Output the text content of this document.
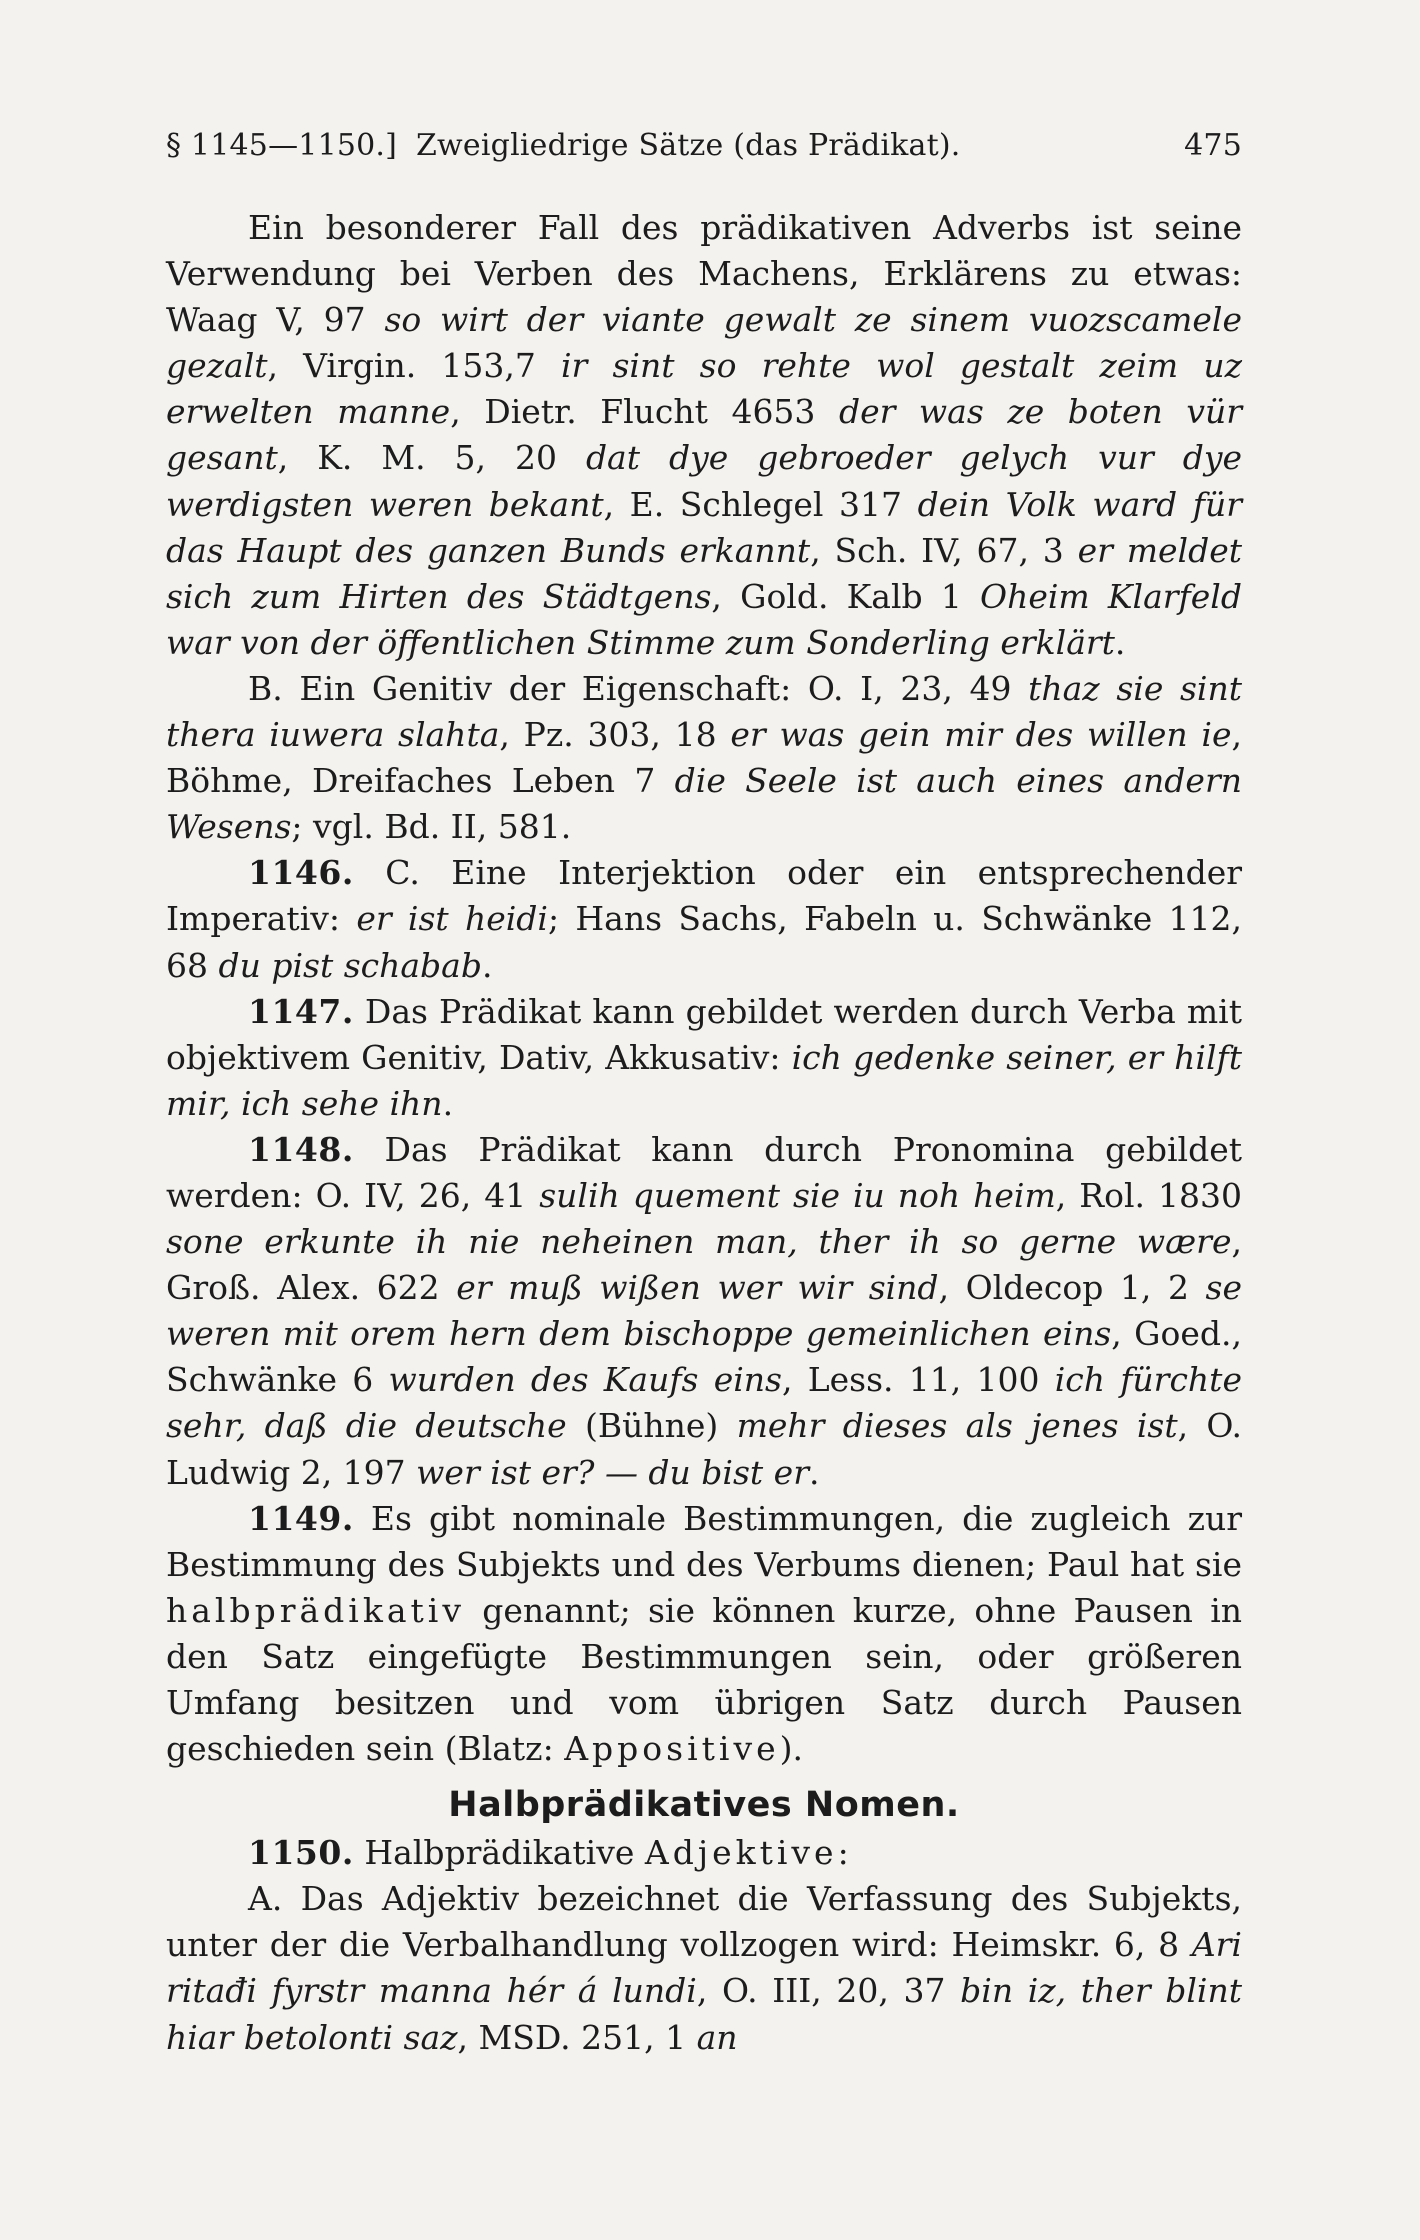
§ 1145—1150.] Zweigliedrige Sätze (das Prädikat).	475

Ein besonderer Fall des prädikativen Adverbs ist seine Verwendung bei Verben des Machens, Erklärens zu etwas: Waag V, 97 so wirt der viante gewalt ze sinem vuozscamele gezalt, Virgin. 153,7 ir sint so rehte wol gestalt zeim uz erwelten manne, Dietr. Flucht 4653 der was ze boten vür gesant, K. M. 5, 20 dat dye gebroeder gelych vur dye werdigsten weren bekant, E. Schlegel 317 dein Volk ward für das Haupt des ganzen Bunds erkannt, Sch. IV, 67, 3 er meldet sich zum Hirten des Städtgens, Gold. Kalb 1 Oheim Klarfeld war von der öffentlichen Stimme zum Sonderling erklärt.

B. Ein Genitiv der Eigenschaft: O. I, 23, 49 thaz sie sint thera iuwera slahta, Pz. 303, 18 er was gein mir des willen ie, Böhme, Dreifaches Leben 7 die Seele ist auch eines andern Wesens; vgl. Bd. II, 581.

1146. C. Eine Interjektion oder ein entsprechender Imperativ: er ist heidi; Hans Sachs, Fabeln u. Schwänke 112, 68 du pist schabab.

1147. Das Prädikat kann gebildet werden durch Verba mit objektivem Genitiv, Dativ, Akkusativ: ich gedenke seiner, er hilft mir, ich sehe ihn.

1148. Das Prädikat kann durch Pronomina gebildet werden: O. IV, 26, 41 sulih quement sie iu noh heim, Rol. 1830 sone erkunte ih nie neheinen man, ther ih so gerne wære, Groß. Alex. 622 er muß wißen wer wir sind, Oldecop 1, 2 se weren mit orem hern dem bischoppe gemeinlichen eins, Goed., Schwänke 6 wurden des Kaufs eins, Less. 11, 100 ich fürchte sehr, daß die deutsche (Bühne) mehr dieses als jenes ist, O. Ludwig 2, 197 wer ist er? — du bist er.

1149. Es gibt nominale Bestimmungen, die zugleich zur Bestimmung des Subjekts und des Verbums dienen; Paul hat sie halbprädikativ genannt; sie können kurze, ohne Pausen in den Satz eingefügte Bestimmungen sein, oder größeren Umfang besitzen und vom übrigen Satz durch Pausen geschieden sein (Blatz: Appositive).

Halbprädikatives Nomen.

1150. Halbprädikative Adjektive:

A. Das Adjektiv bezeichnet die Verfassung des Subjekts, unter der die Verbalhandlung vollzogen wird: Heimskr. 6, 8 Ari ritađi fyrstr manna hér á lundi, O. III, 20, 37 bin iz, ther blint hiar betolonti saz, MSD. 251, 1 an
